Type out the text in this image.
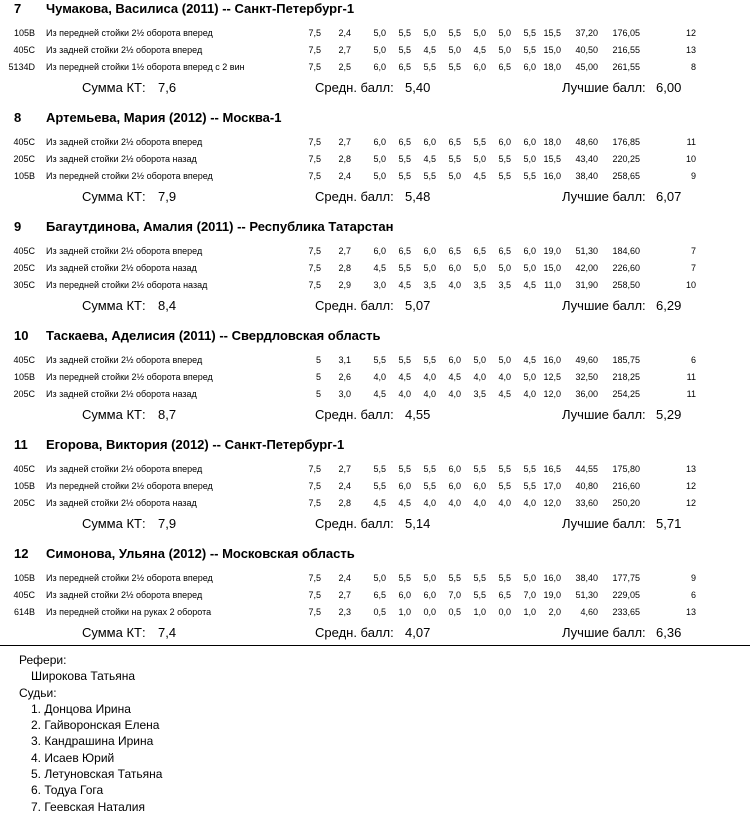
7 Чумакова, Василиса (2011) -- Санкт-Петербург-1
105B Из передней стойки 2½ оборота вперед	7,5 2,4 5,0 5,5 5,0 5,5 5,0 5,0 5,5 15,5 37,20 176,05	12
405C Из задней стойки 2½ оборота вперед	7,5 2,7 5,0 5,5 4,5 5,0 4,5 5,0 5,5 15,0 40,50 216,55	13
5134D Из передней стойки 1½ оборота вперед с 2 вин	7,5 2,5 6,0 6,5 5,5 5,5 6,0 6,5 6,0 18,0 45,00 261,55	8
Сумма КТ: 7,6	Средн. балл: 5,40	Лучшие балл: 6,00
8 Артемьева, Мария (2012) -- Москва-1
405C Из задней стойки 2½ оборота вперед	7,5 2,7 6,0 6,5 6,0 6,5 5,5 6,0 6,0 18,0 48,60 176,85	11
205C Из задней стойки 2½ оборота назад	7,5 2,8 5,0 5,5 4,5 5,5 5,0 5,5 5,0 15,5 43,40 220,25	10
105B Из передней стойки 2½ оборота вперед	7,5 2,4 5,0 5,5 5,5 5,0 4,5 5,5 5,5 16,0 38,40 258,65	9
Сумма КТ: 7,9	Средн. балл: 5,48	Лучшие балл: 6,07
9 Багаутдинова, Амалия (2011) -- Республика Татарстан
405C Из задней стойки 2½ оборота вперед	7,5 2,7 6,0 6,5 6,0 6,5 6,5 6,5 6,0 19,0 51,30 184,60	7
205C Из задней стойки 2½ оборота назад	7,5 2,8 4,5 5,5 5,0 6,0 5,0 5,0 5,0 15,0 42,00 226,60	7
305C Из передней стойки 2½ оборота назад	7,5 2,9 3,0 4,5 3,5 4,0 3,5 3,5 4,5 11,0 31,90 258,50	10
Сумма КТ: 8,4	Средн. балл: 5,07	Лучшие балл: 6,29
10 Таскаева, Аделисия (2011) -- Свердловская область
405C Из задней стойки 2½ оборота вперед	5 3,1 5,5 5,5 5,5 6,0 5,0 5,0 4,5 16,0 49,60 185,75	6
105B Из передней стойки 2½ оборота вперед	5 2,6 4,0 4,5 4,0 4,5 4,0 4,0 5,0 12,5 32,50 218,25	11
205C Из задней стойки 2½ оборота назад	5 3,0 4,5 4,0 4,0 4,0 3,5 4,5 4,0 12,0 36,00 254,25	11
Сумма КТ: 8,7	Средн. балл: 4,55	Лучшие балл: 5,29
11 Егорова, Виктория (2012) -- Санкт-Петербург-1
405C Из задней стойки 2½ оборота вперед	7,5 2,7 5,5 5,5 5,5 6,0 5,5 5,5 5,5 16,5 44,55 175,80	13
105B Из передней стойки 2½ оборота вперед	7,5 2,4 5,5 6,0 5,5 6,0 6,0 5,5 5,5 17,0 40,80 216,60	12
205C Из задней стойки 2½ оборота назад	7,5 2,8 4,5 4,5 4,0 4,0 4,0 4,0 4,0 12,0 33,60 250,20	12
Сумма КТ: 7,9	Средн. балл: 5,14	Лучшие балл: 5,71
12 Симонова, Ульяна (2012) -- Московская область
105B Из передней стойки 2½ оборота вперед	7,5 2,4 5,0 5,5 5,0 5,5 5,5 5,5 5,0 16,0 38,40 177,75	9
405C Из задней стойки 2½ оборота вперед	7,5 2,7 6,5 6,0 6,0 7,0 5,5 6,5 7,0 19,0 51,30 229,05	6
614B Из передней стойки на руках 2 оборота	7,5 2,3 0,5 1,0 0,0 0,5 1,0 0,0 1,0 2,0 4,60 233,65	13
Сумма КТ: 7,4	Средн. балл: 4,07	Лучшие балл: 6,36
Рефери:
Широкова Татьяна
Судьи:
1. Донцова Ирина
2. Гайворонская Елена
3. Кандрашина Ирина
4. Исаев Юрий
5. Летуновская Татьяна
6. Тодуа Гога
7. Геевская Наталия
